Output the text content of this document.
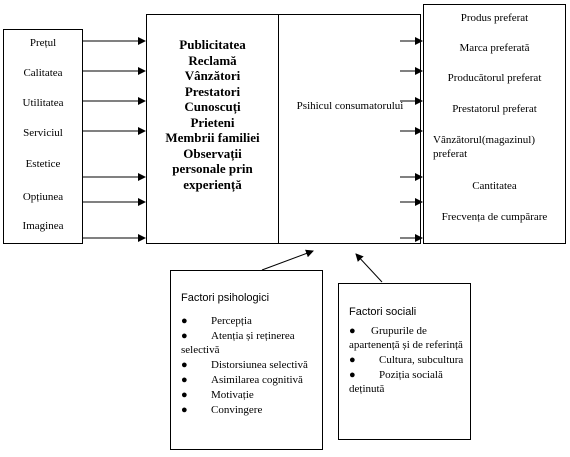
Prețul
Calitatea
Utilitatea
Serviciul
Estetice
Opțiunea
Imaginea
Publicitatea
Reclamă
Vânzători
Prestatori
Cunoscuți
Prieteni
Membrii familiei
Observații
personale prin
experiență
Psihicul consumatorului
Produs preferat
Marca preferată
Producătorul preferat
Prestatorul preferat
Vânzătorul(magazinul) preferat
Cantitatea
Frecvența de cumpărare
Factori psihologici
●	Percepția
●	Atenția și reținerea selectivă
●	Distorsiunea selectivă
●	Asimilarea cognitivă
●	Motivație
●	Convingere
Factori sociali
●	Grupurile de apartenență și de referință
●	Cultura, subcultura
●	Poziția socială deținută
